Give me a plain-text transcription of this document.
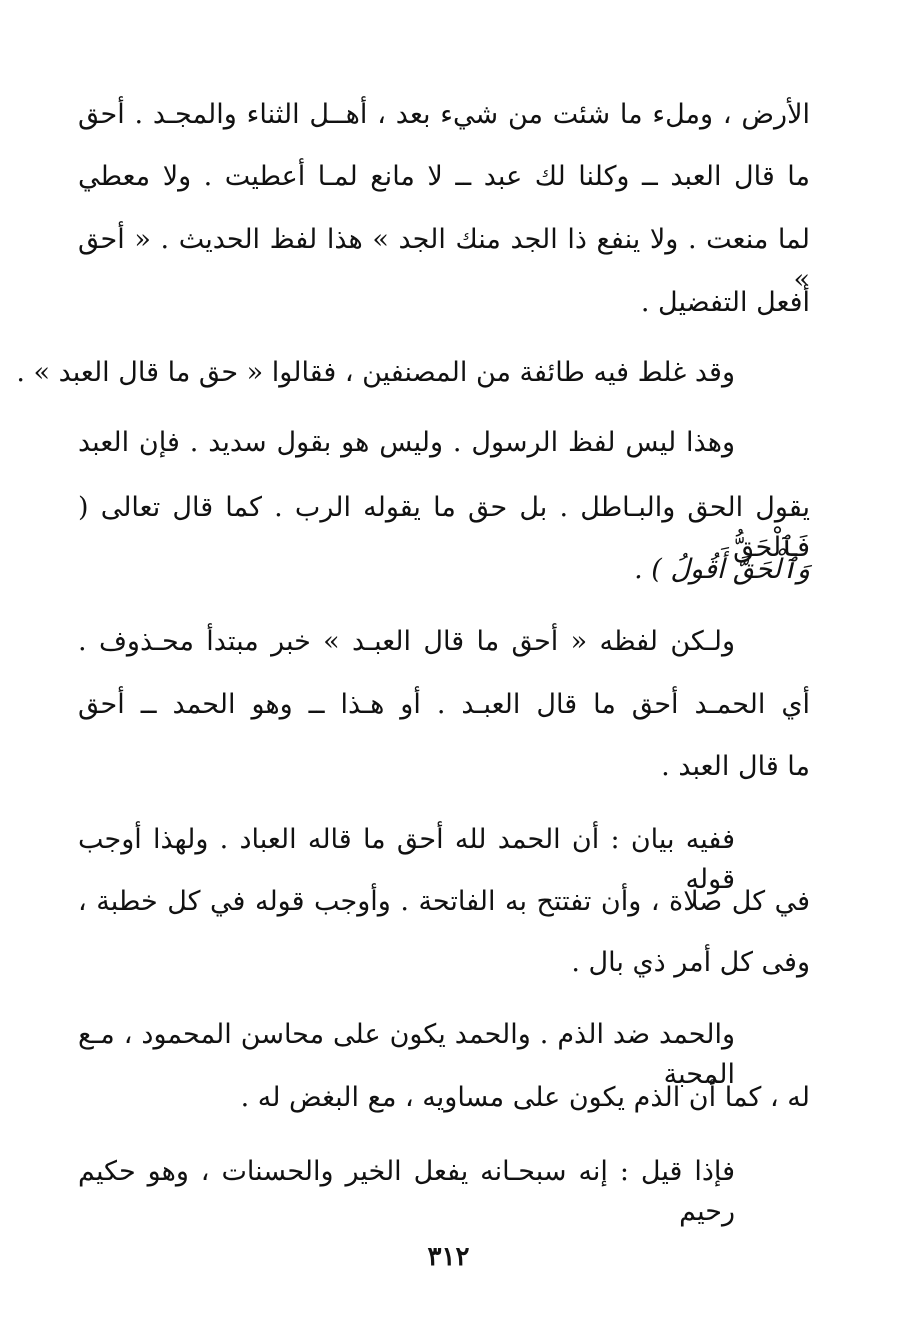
الأرض ، وملء ما شئت من شيء بعد ، أهــل الثناء والمجـد . أحق
ما قال العبد ــ وكلنا لك عبد ــ لا مانع لمـا أعطيت . ولا معطي
لما منعت . ولا ينفع ذا الجد منك الجد » هذا لفظ الحديث . « أحق »
أفعل التفضيل .
وقد غلط فيه طائفة من المصنفين ، فقالوا « حق ما قال العبد » .
وهذا ليس لفظ الرسول . وليس هو بقول سديد . فإن العبد
يقول الحق والبـاطل . بل حق ما يقوله الرب . كما قال تعالى ( فَٱلْحَقُّ
وَٱلْحَقَّ أَقُولُ ) .
ولـكن لفظه « أحق ما قال العبـد » خبر مبتدأ محـذوف .
أي الحمـد أحق ما قال العبـد . أو هـذا ــ وهو الحمد ــ أحق
ما قال العبد .
ففيه بيان : أن الحمد لله أحق ما قاله العباد . ولهذا أوجب قوله
في كل صلاة ، وأن تفتتح به الفاتحة . وأوجب قوله في كل خطبة ،
وفى كل أمر ذي بال .
والحمد ضد الذم . والحمد يكون على محاسن المحمود ، مـع المحبة
له ، كما أن الذم يكون على مساويه ، مع البغض له .
فإذا قيل : إنه سبحـانه يفعل الخير والحسنات ، وهو حكيم رحيم
٣١٢
